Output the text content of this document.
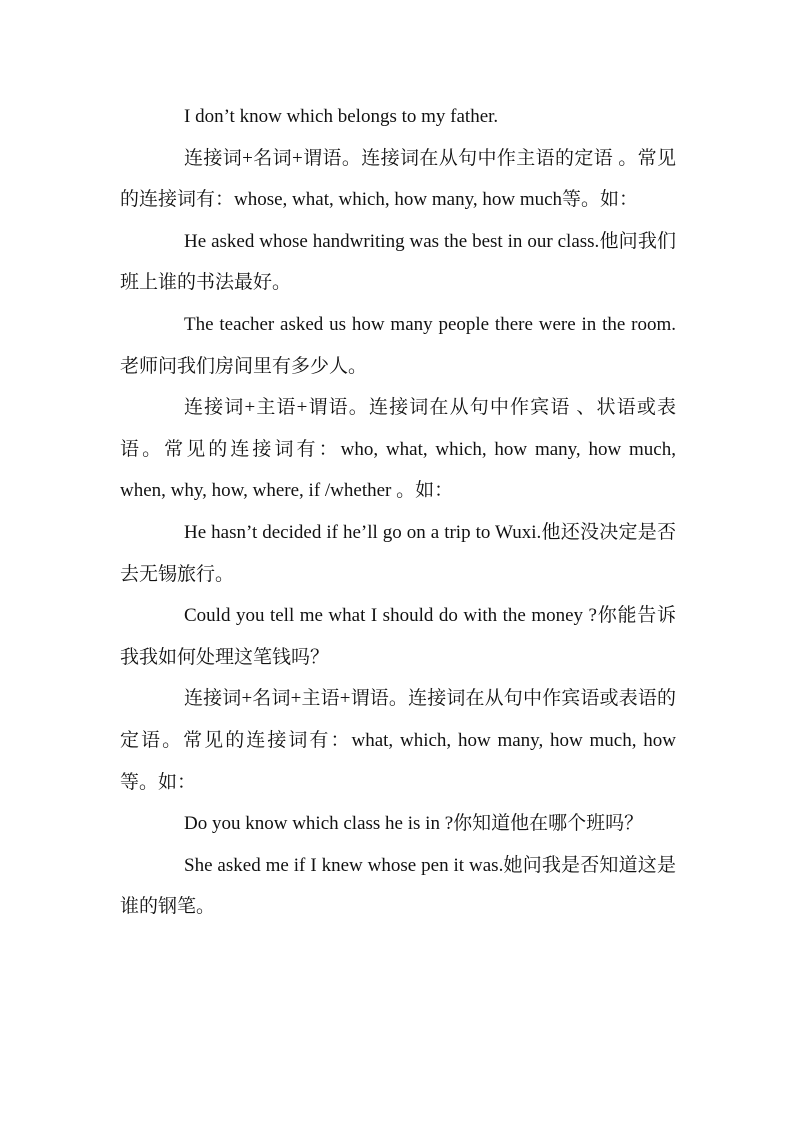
I don’t know which belongs to my father.

连接词+名词+谓语。连接词在从句中作主语的定语 。常见的连接词有：whose, what, which, how many, how much等。如：

He asked whose handwriting was the best in our class.他问我们班上谁的书法最好。

The teacher asked us how many people there were in the room.老师问我们房间里有多少人。

连接词+主语+谓语。连接词在从句中作宾语 、状语或表语。常见的连接词有：who, what, which, how many, how much, when, why, how, where, if /whether 。如：

He hasn’t decided if he’ll go on a trip to Wuxi.他还没决定是否去无锡旅行。

Could you tell me what I should do with the money ?你能告诉我我如何处理这笔钱吗？

连接词+名词+主语+谓语。连接词在从句中作宾语或表语的定语。常见的连接词有：what, which, how many, how much, how 等。如：

Do you know which class he is in ?你知道他在哪个班吗？

She asked me if I knew whose pen it was.她问我是否知道这是谁的钢笔。
